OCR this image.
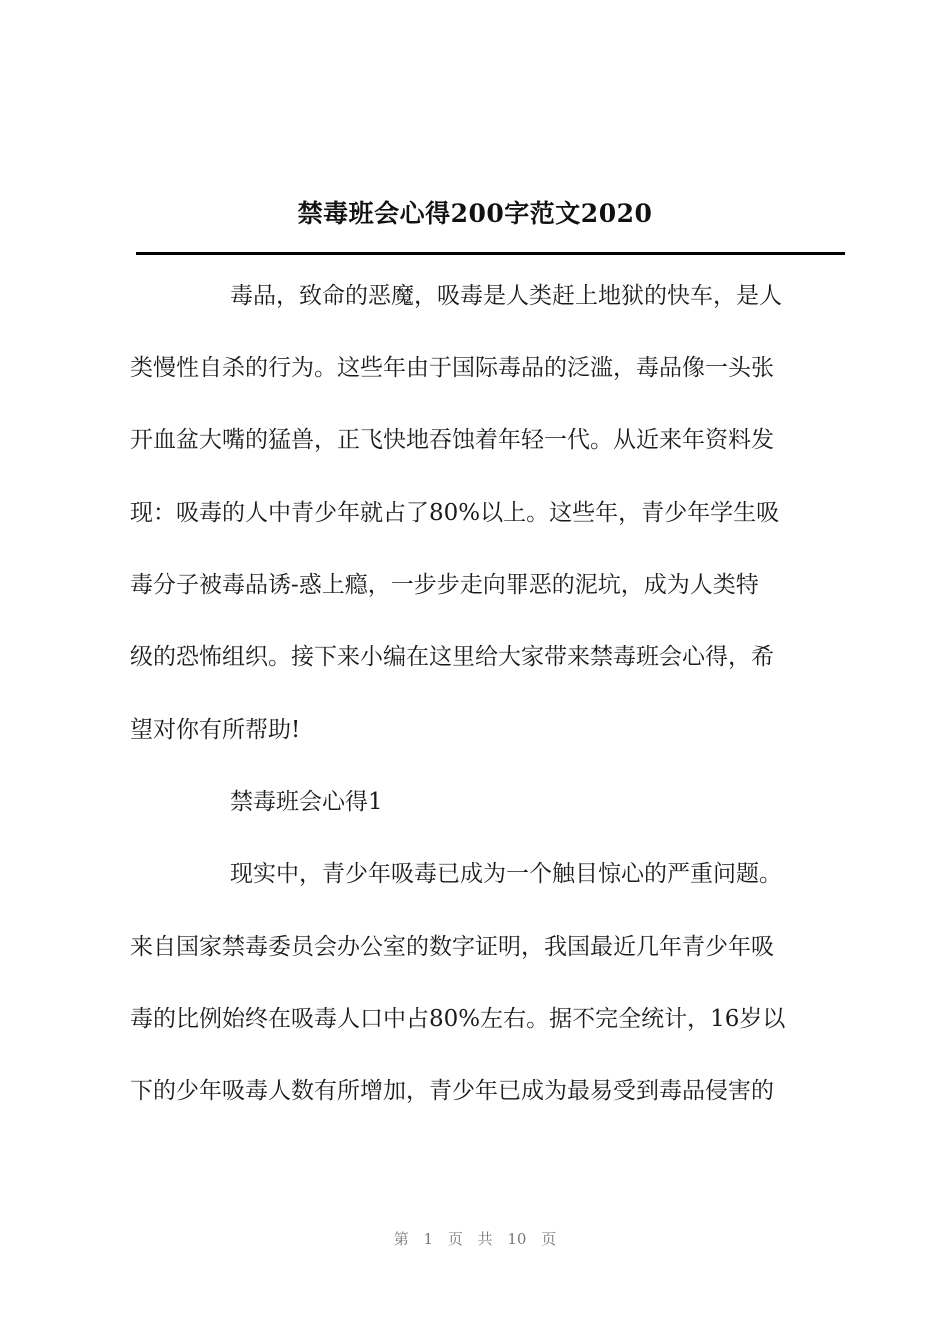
禁毒班会心得200字范文2020
毒品，致命的恶魔，吸毒是人类赶上地狱的快车，是人
类慢性自杀的行为。这些年由于国际毒品的泛滥，毒品像一头张
开血盆大嘴的猛兽，正飞快地吞蚀着年轻一代。从近来年资料发
现：吸毒的人中青少年就占了80%以上。这些年，青少年学生吸
毒分子被毒品诱-惑上瘾，一步步走向罪恶的泥坑，成为人类特
级的恐怖组织。接下来小编在这里给大家带来禁毒班会心得，希
望对你有所帮助!
禁毒班会心得1
现实中，青少年吸毒已成为一个触目惊心的严重问题。
来自国家禁毒委员会办公室的数字证明，我国最近几年青少年吸
毒的比例始终在吸毒人口中占80%左右。据不完全统计，16岁以
下的少年吸毒人数有所增加，青少年已成为最易受到毒品侵害的
第 1 页 共 10 页
